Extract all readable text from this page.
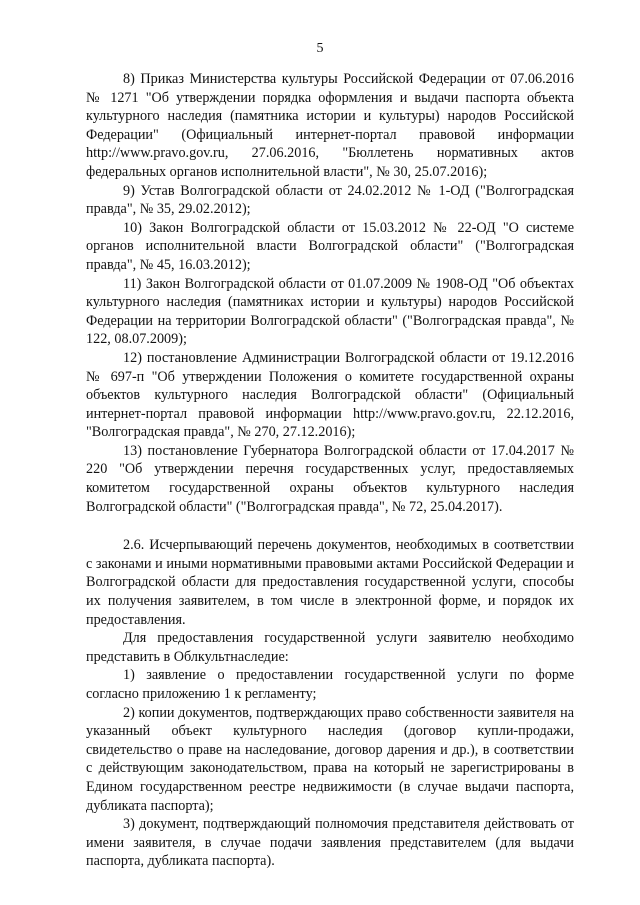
5

8) Приказ Министерства культуры Российской Федерации от 07.06.2016 № 1271 "Об утверждении порядка оформления и выдачи паспорта объекта культурного наследия (памятника истории и культуры) народов Российской Федерации" (Официальный интернет-портал правовой информации http://www.pravo.gov.ru, 27.06.2016, "Бюллетень нормативных актов федеральных органов исполнительной власти", № 30, 25.07.2016);

9) Устав Волгоградской области от 24.02.2012 № 1-ОД ("Волгоградская правда", № 35, 29.02.2012);

10) Закон Волгоградской области от 15.03.2012 № 22-ОД "О системе органов исполнительной власти Волгоградской области" ("Волгоградская правда", № 45, 16.03.2012);

11) Закон Волгоградской области от 01.07.2009 № 1908-ОД "Об объектах культурного наследия (памятниках истории и культуры) народов Российской Федерации на территории Волгоградской области" ("Волгоградская правда", № 122, 08.07.2009);

12) постановление Администрации Волгоградской области от 19.12.2016 № 697-п "Об утверждении Положения о комитете государственной охраны объектов культурного наследия Волгоградской области" (Официальный интернет-портал правовой информации http://www.pravo.gov.ru, 22.12.2016, "Волгоградская правда", № 270, 27.12.2016);

13) постановление Губернатора Волгоградской области от 17.04.2017 № 220 "Об утверждении перечня государственных услуг, предоставляемых комитетом государственной охраны объектов культурного наследия Волгоградской области" ("Волгоградская правда", № 72, 25.04.2017).

2.6. Исчерпывающий перечень документов, необходимых в соответствии с законами и иными нормативными правовыми актами Российской Федерации и Волгоградской области для предоставления государственной услуги, способы их получения заявителем, в том числе в электронной форме, и порядок их предоставления.

Для предоставления государственной услуги заявителю необходимо представить в Облкультнаследие:

1) заявление о предоставлении государственной услуги по форме согласно приложению 1 к регламенту;

2) копии документов, подтверждающих право собственности заявителя на указанный объект культурного наследия (договор купли-продажи, свидетельство о праве на наследование, договор дарения и др.), в соответствии с действующим законодательством, права на который не зарегистрированы в Едином государственном реестре недвижимости (в случае выдачи паспорта, дубликата паспорта);

3) документ, подтверждающий полномочия представителя действовать от имени заявителя, в случае подачи заявления представителем (для выдачи паспорта, дубликата паспорта).
